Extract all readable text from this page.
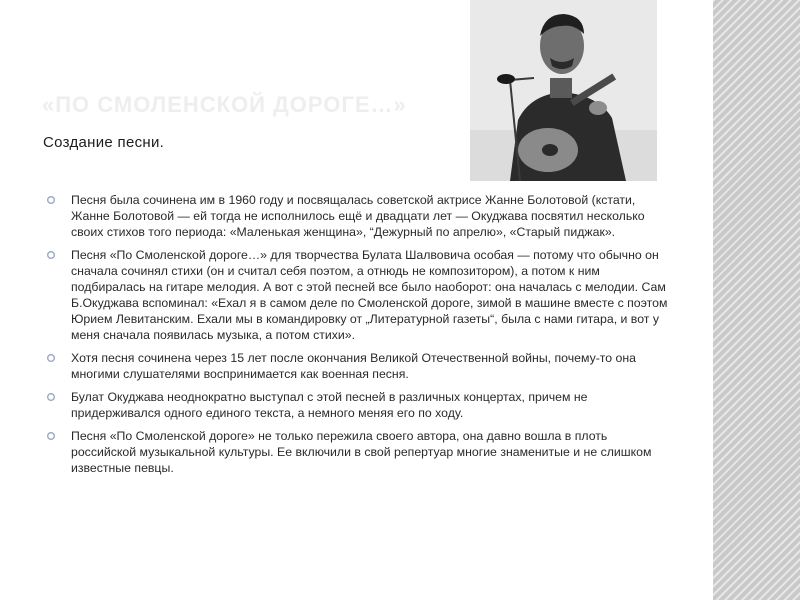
«ПО СМОЛЕНСКОЙ ДОРОГЕ…»
Создание песни.
Песня была сочинена им в 1960 году и посвящалась советской актрисе Жанне Болотовой (кстати, Жанне Болотовой — ей тогда не исполнилось ещё и двадцати лет — Окуджава посвятил несколько своих стихов того периода: «Маленькая женщина», “Дежурный по апрелю», «Старый пиджак».
Песня «По Смоленской дороге…» для творчества Булата Шалвовича особая — потому что обычно он сначала сочинял стихи (он и считал себя поэтом, а отнюдь не композитором), а потом к ним подбиралась на гитаре мелодия. А вот с этой песней все было наоборот: она началась с мелодии. Сам Б.Окуджава вспоминал: «Ехал я в самом деле по Смоленской дороге, зимой в машине вместе с поэтом Юрием Левитанским. Ехали мы в командировку от „Литературной газеты“, была с нами гитара, и вот у меня сначала появилась музыка, а потом стихи».
Хотя песня сочинена через 15 лет после окончания Великой Отечественной войны, почему-то она многими слушателями воспринимается как военная песня.
Булат Окуджава неоднократно выступал с этой песней в различных концертах, причем не придерживался одного единого текста, а немного меняя его по ходу.
Песня «По Смоленской дороге» не только пережила своего автора, она давно вошла в плоть российской музыкальной культуры. Ее включили в свой репертуар многие знаменитые и не слишком известные певцы.
